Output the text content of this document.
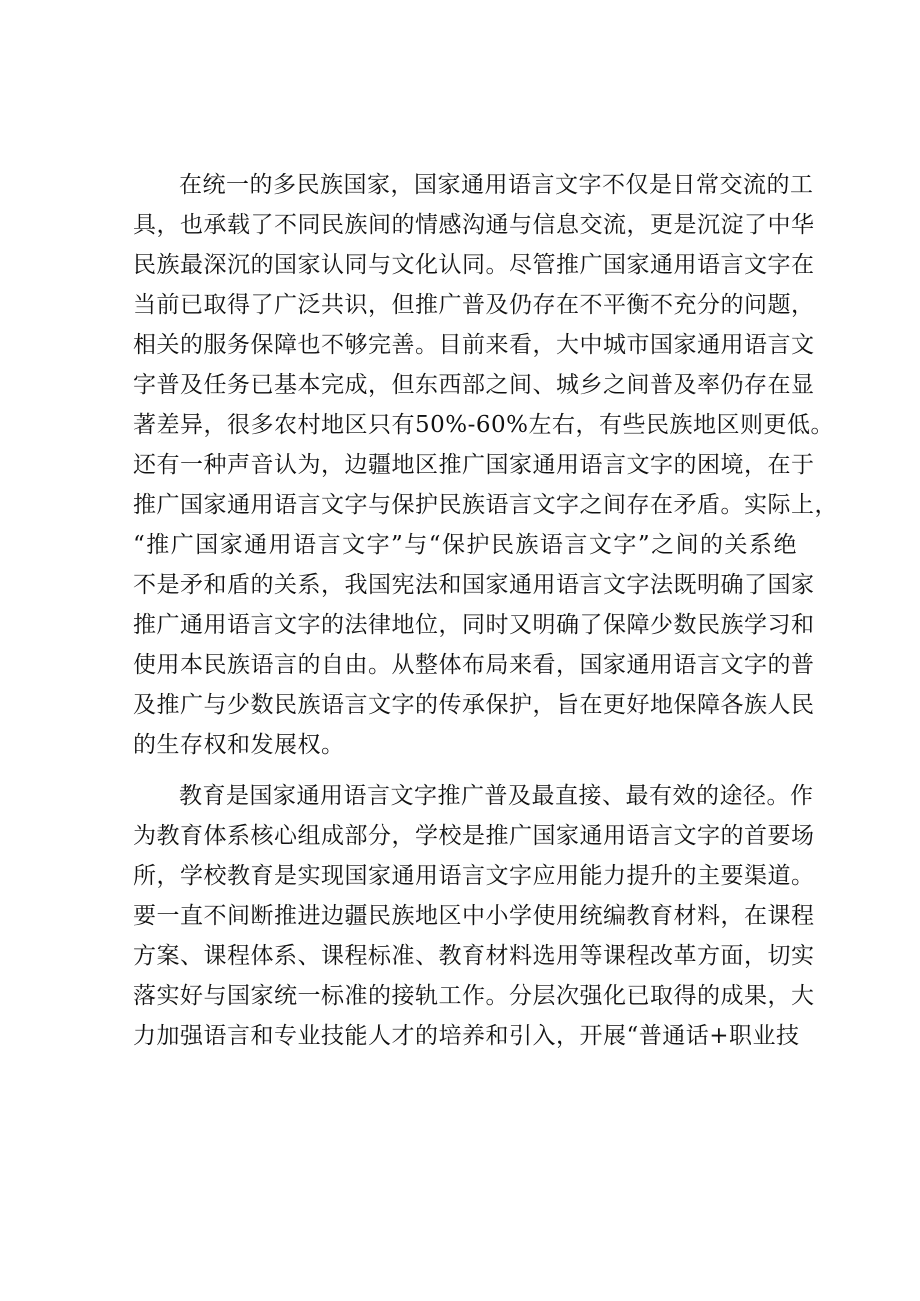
在统一的多民族国家，国家通用语言文字不仅是日常交流的工
具，也承载了不同民族间的情感沟通与信息交流，更是沉淀了中华
民族最深沉的国家认同与文化认同。尽管推广国家通用语言文字在
当前已取得了广泛共识，但推广普及仍存在不平衡不充分的问题，
相关的服务保障也不够完善。目前来看，大中城市国家通用语言文
字普及任务已基本完成，但东西部之间、城乡之间普及率仍存在显
著差异，很多农村地区只有50%-60%左右，有些民族地区则更低。
还有一种声音认为，边疆地区推广国家通用语言文字的困境，在于
推广国家通用语言文字与保护民族语言文字之间存在矛盾。实际上，
“推广国家通用语言文字”与“保护民族语言文字”之间的关系绝
不是矛和盾的关系，我国宪法和国家通用语言文字法既明确了国家
推广通用语言文字的法律地位，同时又明确了保障少数民族学习和
使用本民族语言的自由。从整体布局来看，国家通用语言文字的普
及推广与少数民族语言文字的传承保护，旨在更好地保障各族人民
的生存权和发展权。
教育是国家通用语言文字推广普及最直接、最有效的途径。作
为教育体系核心组成部分，学校是推广国家通用语言文字的首要场
所，学校教育是实现国家通用语言文字应用能力提升的主要渠道。
要一直不间断推进边疆民族地区中小学使用统编教育材料，在课程
方案、课程体系、课程标准、教育材料选用等课程改革方面，切实
落实好与国家统一标准的接轨工作。分层次强化已取得的成果，大
力加强语言和专业技能人才的培养和引入，开展“普通话+职业技
